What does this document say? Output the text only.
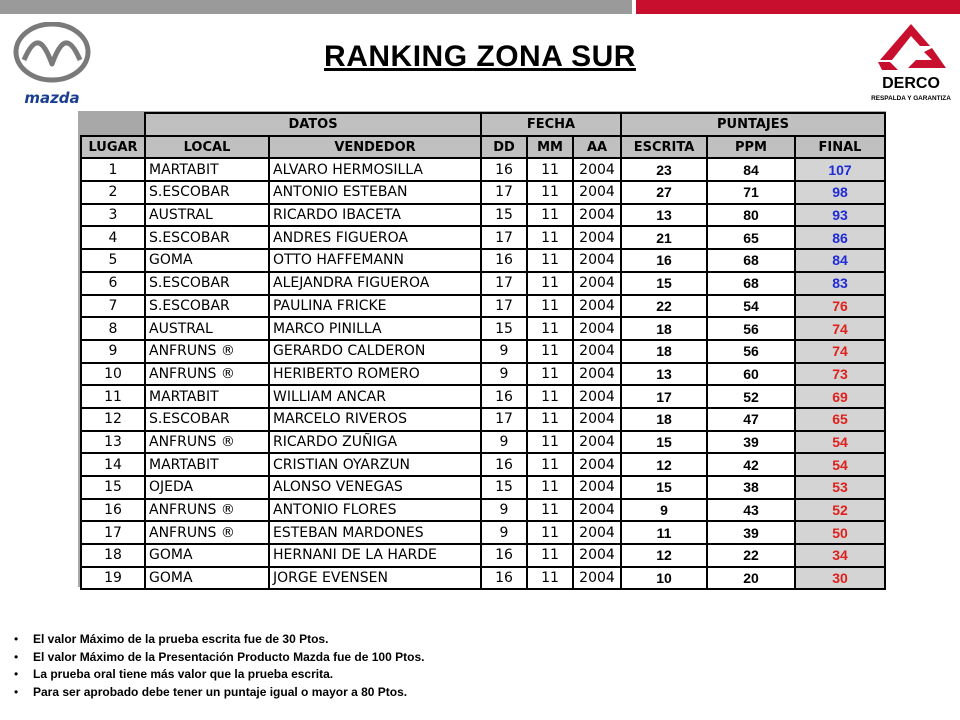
mazda
DERCO
RESPALDA Y GARANTIZA
RANKING ZONA SUR
	DATOS		FECHA			PUNTAJES		
LUGAR	LOCAL	VENDEDOR	DD	MM	AA	ESCRITA	PPM	FINAL
1	MARTABIT	ALVARO HERMOSILLA	16	11	2004	23	84	107
2	S.ESCOBAR	ANTONIO ESTEBAN	17	11	2004	27	71	98
3	AUSTRAL	RICARDO IBACETA	15	11	2004	13	80	93
4	S.ESCOBAR	ANDRES FIGUEROA	17	11	2004	21	65	86
5	GOMA	OTTO HAFFEMANN	16	11	2004	16	68	84
6	S.ESCOBAR	ALEJANDRA FIGUEROA	17	11	2004	15	68	83
7	S.ESCOBAR	PAULINA FRICKE	17	11	2004	22	54	76
8	AUSTRAL	MARCO PINILLA	15	11	2004	18	56	74
9	ANFRUNS ®	GERARDO CALDERON	9	11	2004	18	56	74
10	ANFRUNS ®	HERIBERTO ROMERO	9	11	2004	13	60	73
11	MARTABIT	WILLIAM ANCAR	16	11	2004	17	52	69
12	S.ESCOBAR	MARCELO RIVEROS	17	11	2004	18	47	65
13	ANFRUNS ®	RICARDO ZUÑIGA	9	11	2004	15	39	54
14	MARTABIT	CRISTIAN OYARZUN	16	11	2004	12	42	54
15	OJEDA	ALONSO VENEGAS	15	11	2004	15	38	53
16	ANFRUNS ®	ANTONIO FLORES	9	11	2004	9	43	52
17	ANFRUNS ®	ESTEBAN MARDONES	9	11	2004	11	39	50
18	GOMA	HERNANI DE LA HARDE	16	11	2004	12	22	34
19	GOMA	JORGE EVENSEN	16	11	2004	10	20	30
• El valor Máximo de la prueba escrita fue de 30 Ptos.
• El valor Máximo de la Presentación Producto Mazda fue de 100 Ptos.
• La prueba oral tiene más valor que la prueba escrita.
• Para ser aprobado debe tener un puntaje igual o mayor a 80 Ptos.
